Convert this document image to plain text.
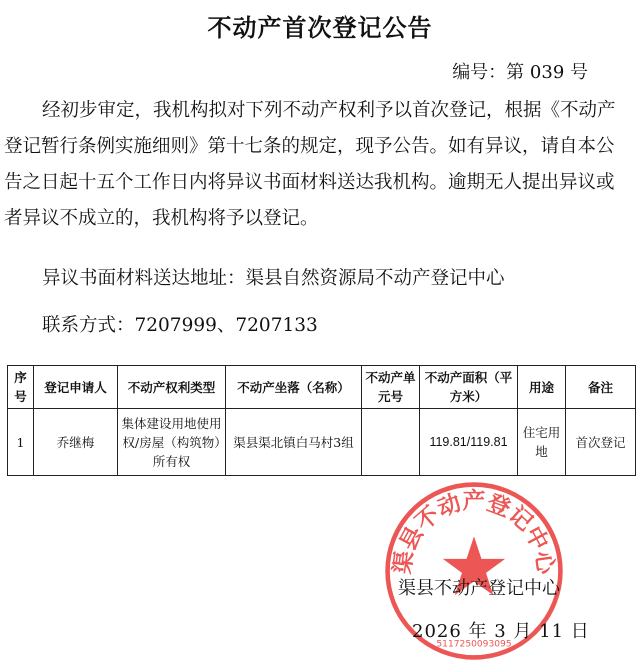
不动产首次登记公告
编号：第 039 号
经初步审定，我机构拟对下列不动产权利予以首次登记，根据《不动产登记暂行条例实施细则》第十七条的规定，现予公告。如有异议，请自本公告之日起十五个工作日内将异议书面材料送达我机构。逾期无人提出异议或者异议不成立的，我机构将予以登记。
异议书面材料送达地址：渠县自然资源局不动产登记中心
联系方式：7207999、7207133
序号	登记申请人	不动产权利类型	不动产坐落（名称）	不动产单元号	不动产面积（平方米）	用途	备注
1	乔继梅	集体建设用地使用权/房屋（构筑物）所有权	渠县渠北镇白马村3组		119.81/119.81	住宅用地	首次登记
渠县不动产登记中心
5117250093095
渠县不动产登记中心
2026 年 3 月 11 日
